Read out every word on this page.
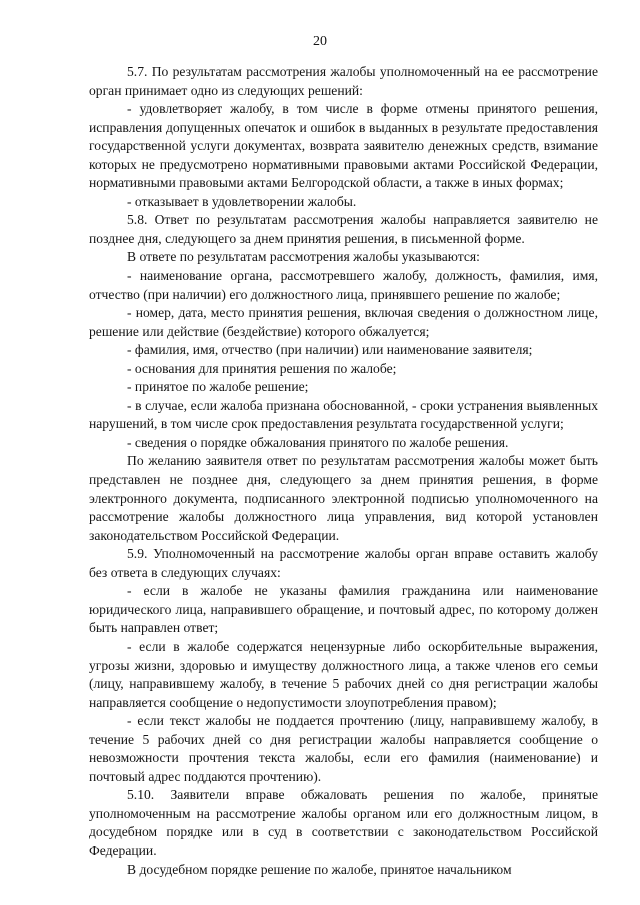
20

5.7. По результатам рассмотрения жалобы уполномоченный на ее рассмотрение орган принимает одно из следующих решений:

- удовлетворяет жалобу, в том числе в форме отмены принятого решения, исправления допущенных опечаток и ошибок в выданных в результате предоставления государственной услуги документах, возврата заявителю денежных средств, взимание которых не предусмотрено нормативными правовыми актами Российской Федерации, нормативными правовыми актами Белгородской области, а также в иных формах;

- отказывает в удовлетворении жалобы.

5.8. Ответ по результатам рассмотрения жалобы направляется заявителю не позднее дня, следующего за днем принятия решения, в письменной форме.

В ответе по результатам рассмотрения жалобы указываются:

- наименование органа, рассмотревшего жалобу, должность, фамилия, имя, отчество (при наличии) его должностного лица, принявшего решение по жалобе;

- номер, дата, место принятия решения, включая сведения о должностном лице, решение или действие (бездействие) которого обжалуется;

- фамилия, имя, отчество (при наличии) или наименование заявителя;

- основания для принятия решения по жалобе;

- принятое по жалобе решение;

- в случае, если жалоба признана обоснованной, - сроки устранения выявленных нарушений, в том числе срок предоставления результата государственной услуги;

- сведения о порядке обжалования принятого по жалобе решения.

По желанию заявителя ответ по результатам рассмотрения жалобы может быть представлен не позднее дня, следующего за днем принятия решения, в форме электронного документа, подписанного электронной подписью уполномоченного на рассмотрение жалобы должностного лица управления, вид которой установлен законодательством Российской Федерации.

5.9. Уполномоченный на рассмотрение жалобы орган вправе оставить жалобу без ответа в следующих случаях:

- если в жалобе не указаны фамилия гражданина или наименование юридического лица, направившего обращение, и почтовый адрес, по которому должен быть направлен ответ;

- если в жалобе содержатся нецензурные либо оскорбительные выражения, угрозы жизни, здоровью и имуществу должностного лица, а также членов его семьи (лицу, направившему жалобу, в течение 5 рабочих дней со дня регистрации жалобы направляется сообщение о недопустимости злоупотребления правом);

- если текст жалобы не поддается прочтению (лицу, направившему жалобу, в течение 5 рабочих дней со дня регистрации жалобы направляется сообщение о невозможности прочтения текста жалобы, если его фамилия (наименование) и почтовый адрес поддаются прочтению).

5.10. Заявители вправе обжаловать решения по жалобе, принятые уполномоченным на рассмотрение жалобы органом или его должностным лицом, в досудебном порядке или в суд в соответствии с законодательством Российской Федерации.

В досудебном порядке решение по жалобе, принятое начальником
